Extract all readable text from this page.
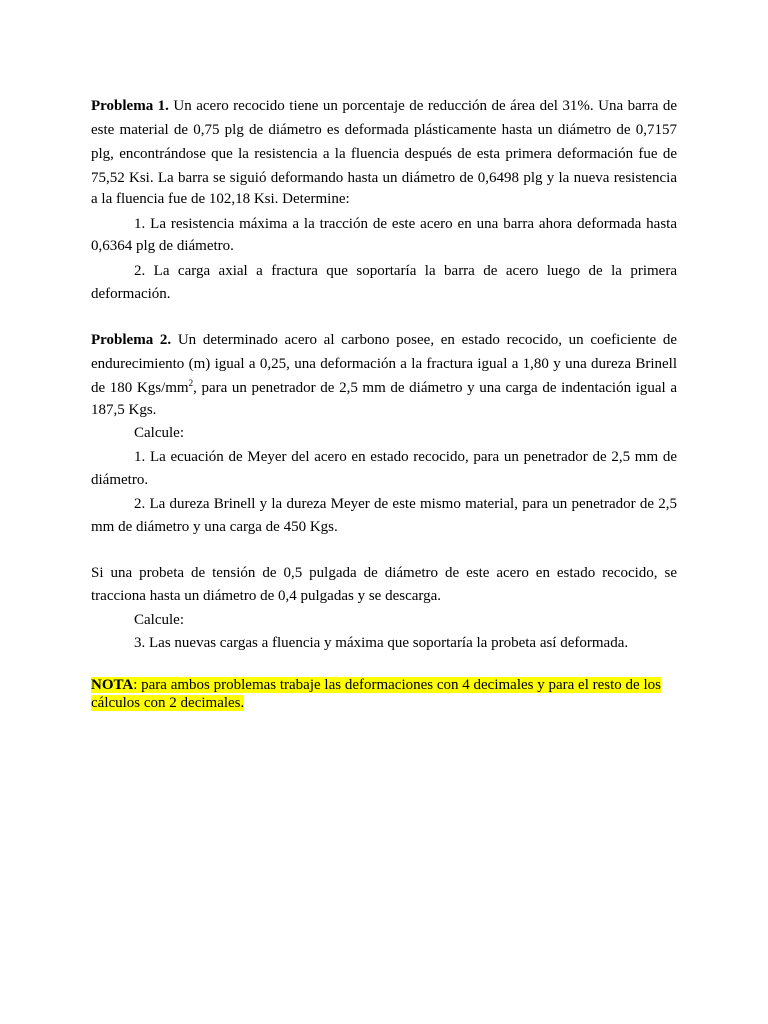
Problema 1. Un acero recocido tiene un porcentaje de reducción de área del 31%. Una barra de
este material de 0,75 plg de diámetro es deformada plásticamente hasta un diámetro de 0,7157
plg, encontrándose que la resistencia a la fluencia después de esta primera deformación fue de
75,52 Ksi. La barra se siguió deformando hasta un diámetro de 0,6498 plg y la nueva resistencia
a la fluencia fue de 102,18 Ksi. Determine:
1. La resistencia máxima a la tracción de este acero en una barra ahora deformada hasta
0,6364 plg de diámetro.
2. La carga axial a fractura que soportaría la barra de acero luego de la primera
deformación.
Problema 2. Un determinado acero al carbono posee, en estado recocido, un coeficiente de
endurecimiento (m) igual a 0,25, una deformación a la fractura igual a 1,80 y una dureza Brinell
de 180 Kgs/$mm^2$, para un penetrador de 2,5 mm de diámetro y una carga de indentación igual a
187,5 Kgs.
Calcule:
1. La ecuación de Meyer del acero en estado recocido, para un penetrador de 2,5 mm de
diámetro.
2. La dureza Brinell y la dureza Meyer de este mismo material, para un penetrador de 2,5
mm de diámetro y una carga de 450 Kgs.
Si una probeta de tensión de 0,5 pulgada de diámetro de este acero en estado recocido, se
tracciona hasta un diámetro de 0,4 pulgadas y se descarga.
Calcule:
3. Las nuevas cargas a fluencia y máxima que soportaría la probeta así deformada.
NOTA: para ambos problemas trabaje las deformaciones con 4 decimales y para el resto de los
cálculos con 2 decimales.
